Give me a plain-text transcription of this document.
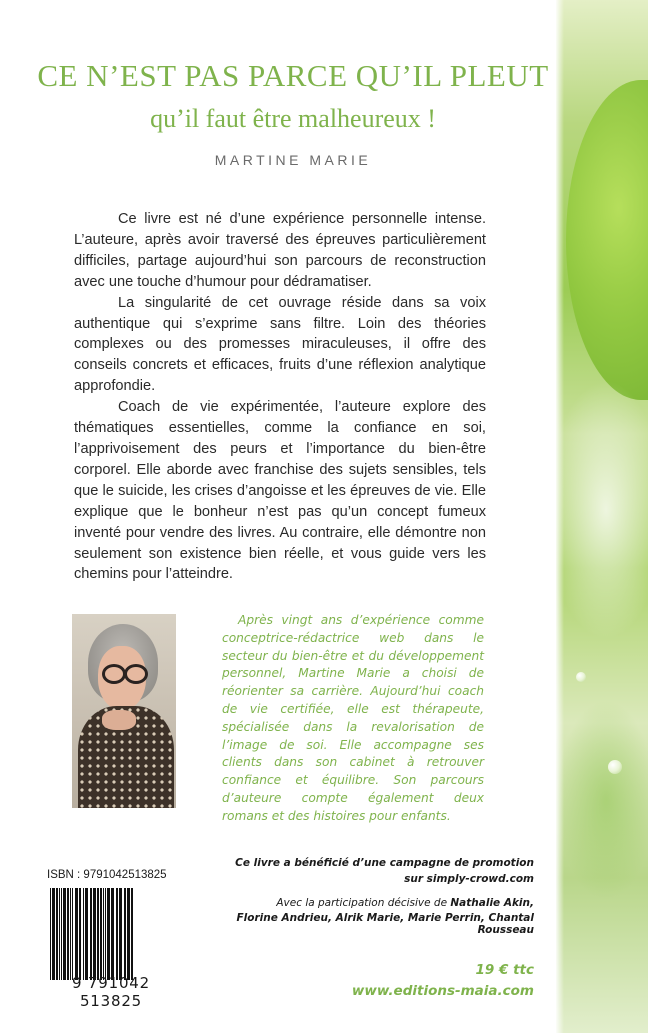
CE N’EST PAS PARCE QU’IL PLEUT
qu’il faut être malheureux !
MARTINE MARIE

Ce livre est né d’une expérience personnelle intense. L’auteure, après avoir traversé des épreuves particulièrement difficiles, partage aujourd’hui son parcours de reconstruction avec une touche d’humour pour dédramatiser.

La singularité de cet ouvrage réside dans sa voix authentique qui s’exprime sans filtre. Loin des théories complexes ou des promesses miraculeuses, il offre des conseils concrets et efficaces, fruits d’une réflexion analytique approfondie.

Coach de vie expérimentée, l’auteure explore des thématiques essentielles, comme la confiance en soi, l’apprivoisement des peurs et l’importance du bien-être corporel. Elle aborde avec franchise des sujets sensibles, tels que le suicide, les crises d’angoisse et les épreuves de vie. Elle explique que le bonheur n’est pas qu’un concept fumeux inventé pour vendre des livres. Au contraire, elle démontre non seulement son existence bien réelle, et vous guide vers les chemins pour l’atteindre.

Après vingt ans d’expérience comme conceptrice-rédactrice web dans le secteur du bien-être et du développement personnel, Martine Marie a choisi de réorienter sa carrière. Aujourd’hui coach de vie certifiée, elle est thérapeute, spécialisée dans la revalorisation de l’image de soi. Elle accompagne ses clients dans son cabinet à retrouver confiance et équilibre. Son parcours d’auteure compte également deux romans et des histoires pour enfants.

ISBN : 9791042513825
9 791042 513825
Ce livre a bénéficié d’une campagne de promotion
sur simply-crowd.com
Avec la participation décisive de Nathalie Akin,
Florine Andrieu, Alrik Marie, Marie Perrin, Chantal Rousseau
19 € ttc
www.editions-maia.com
